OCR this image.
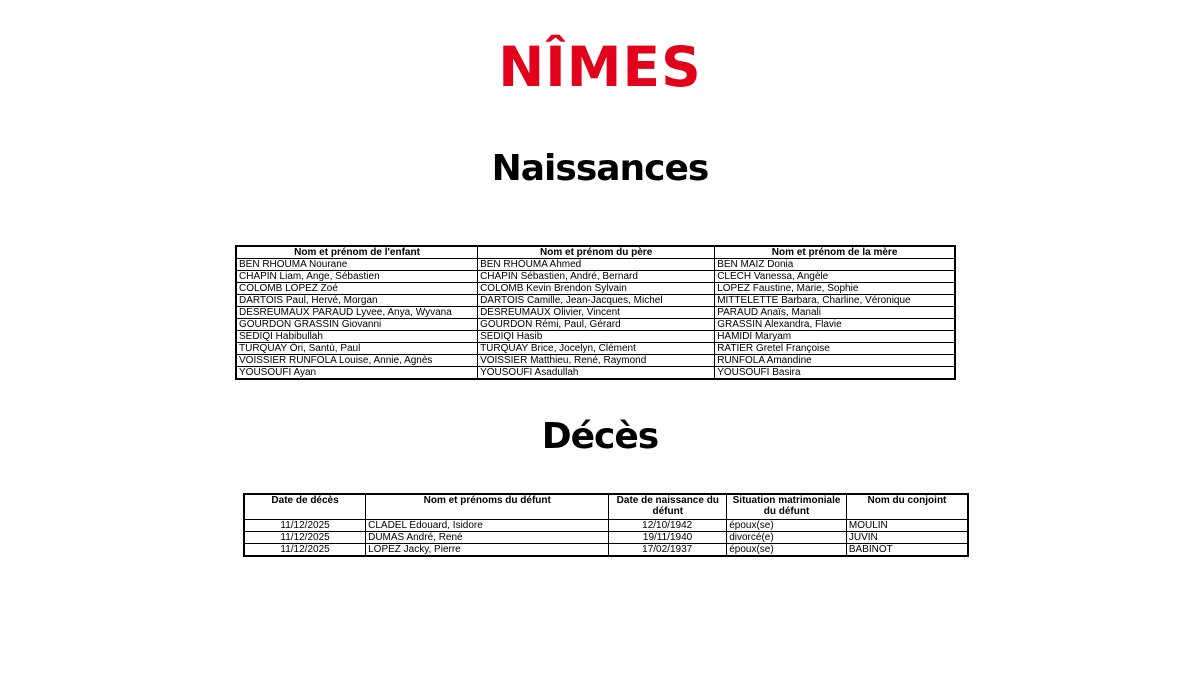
NÎMES
Naissances
Nom et prénom de l'enfant	Nom et prénom du père	Nom et prénom de la mère
BEN RHOUMA Nourane	BEN RHOUMA Ahmed	BEN MAIZ Donia
CHAPIN Liam, Ange, Sébastien	CHAPIN Sébastien, André, Bernard	CLECH Vanessa, Angèle
COLOMB LOPEZ Zoé	COLOMB Kevin Brendon Sylvain	LOPEZ Faustine, Marie, Sophie
DARTOIS Paul, Hervé, Morgan	DARTOIS Camille, Jean-Jacques, Michel	MITTELETTE Barbara, Charline, Véronique
DESREUMAUX PARAUD Lyvee, Anya, Wyvana	DESREUMAUX Olivier, Vincent	PARAUD Anaïs, Manali
GOURDON GRASSIN Giovanni	GOURDON Rémi, Paul, Gérard	GRASSIN Alexandra, Flavie
SEDIQI Habibullah	SEDIQI Hasib	HAMIDI Maryam
TURQUAY Öri, Santù, Paul	TURQUAY Brice, Jocelyn, Clément	RATIER Gretel Françoise
VOISSIER RUNFOLA Louise, Annie, Agnès	VOISSIER Matthieu, René, Raymond	RUNFOLA Amandine
YOUSOUFI Ayan	YOUSOUFI Asadullah	YOUSOUFI Basira
Décès
Date de décès	Nom et prénoms du défunt	Date de naissance du défunt	Situation matrimoniale du défunt	Nom du conjoint
11/12/2025	CLADEL Edouard, Isidore	12/10/1942	époux(se)	MOULIN
11/12/2025	DUMAS André, René	19/11/1940	divorcé(e)	JUVIN
11/12/2025	LOPEZ Jacky, Pierre	17/02/1937	époux(se)	BABINOT
